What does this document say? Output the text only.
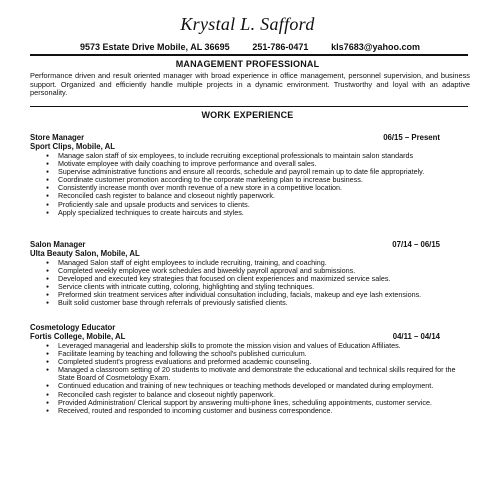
Krystal L. Safford
9573 Estate Drive Mobile, AL 36695	251-786-0471	kls7683@yahoo.com
MANAGEMENT PROFESSIONAL
Performance driven and result oriented manager with broad experience in office management, personnel supervision, and business support. Organized and efficiently handle multiple projects in a dynamic environment. Trustworthy and loyal with an adaptive personality.
WORK EXPERIENCE
Store Manager	06/15 – Present
Sport Clips, Mobile, AL
● Manage salon staff of six employees, to include recruiting exceptional professionals to maintain salon standards
● Motivate employee with daily coaching to improve performance and overall sales.
● Supervise administrative functions and ensure all records, schedule and payroll remain up to date file appropriately.
● Coordinate customer promotion according to the corporate marketing plan to increase business.
● Consistently increase month over month revenue of a new store in a competitive location.
● Reconciled cash register to balance and closeout nightly paperwork.
● Proficiently sale and upsale products and services to clients.
● Apply specialized techniques to create haircuts and styles.
Salon Manager	07/14 – 06/15
Ulta Beauty Salon, Mobile, AL
● Managed Salon staff of eight employees to include recruiting, training, and coaching.
● Completed weekly employee work schedules and biweekly payroll approval and submissions.
● Developed and executed key strategies that focused on client experiences and maximized service sales.
● Service clients with intricate cutting, coloring, highlighting and styling techniques.
● Preformed skin treatment services after individual consultation including, facials, makeup and eye lash extensions.
● Built solid customer base through referrals of previously satisfied clients.
Cosmetology Educator
Fortis College, Mobile, AL	04/11 – 04/14
● Leveraged managerial and leadership skills to promote the mission vision and values of Education Affiliates.
● Facilitate learning by teaching and following the school's published curriculum.
● Completed student's progress evaluations and preformed academic counseling.
● Managed a classroom setting of 20 students to motivate and demonstrate the educational and technical skills required for the State Board of Cosmetology Exam.
● Continued education and training of new techniques or teaching methods developed or mandated during employment.
● Reconciled cash register to balance and closeout nightly paperwork.
● Provided Administration/ Clerical support by answering multi-phone lines, scheduling appointments, customer service.
● Received, routed and responded to incoming customer and business correspondence.
